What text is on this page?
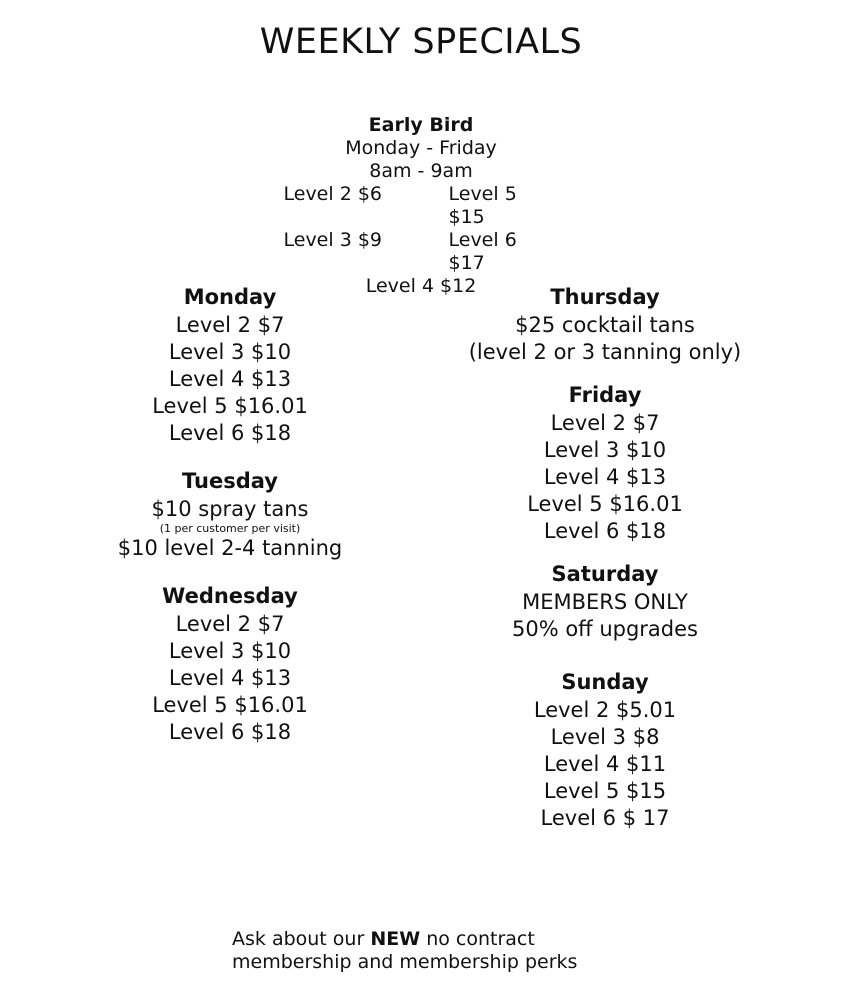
WEEKLY SPECIALS
Early Bird
Monday - Friday
8am - 9am
Level 2 $6	Level 5 $15
Level 3 $9	Level 6 $17
Level 4 $12
Monday
Level 2 $7
Level 3 $10
Level 4 $13
Level 5 $16.01
Level 6 $18
Tuesday
$10 spray tans
(1 per customer per visit)
$10 level 2-4 tanning
Wednesday
Level 2 $7
Level 3 $10
Level 4 $13
Level 5 $16.01
Level 6 $18
Thursday
$25 cocktail tans
(level 2 or 3 tanning only)
Friday
Level 2 $7
Level 3 $10
Level 4 $13
Level 5 $16.01
Level 6 $18
Saturday
MEMBERS ONLY
50% off upgrades
Sunday
Level 2 $5.01
Level 3 $8
Level 4 $11
Level 5 $15
Level 6 $ 17
Ask about our NEW no contract
membership and membership perks
